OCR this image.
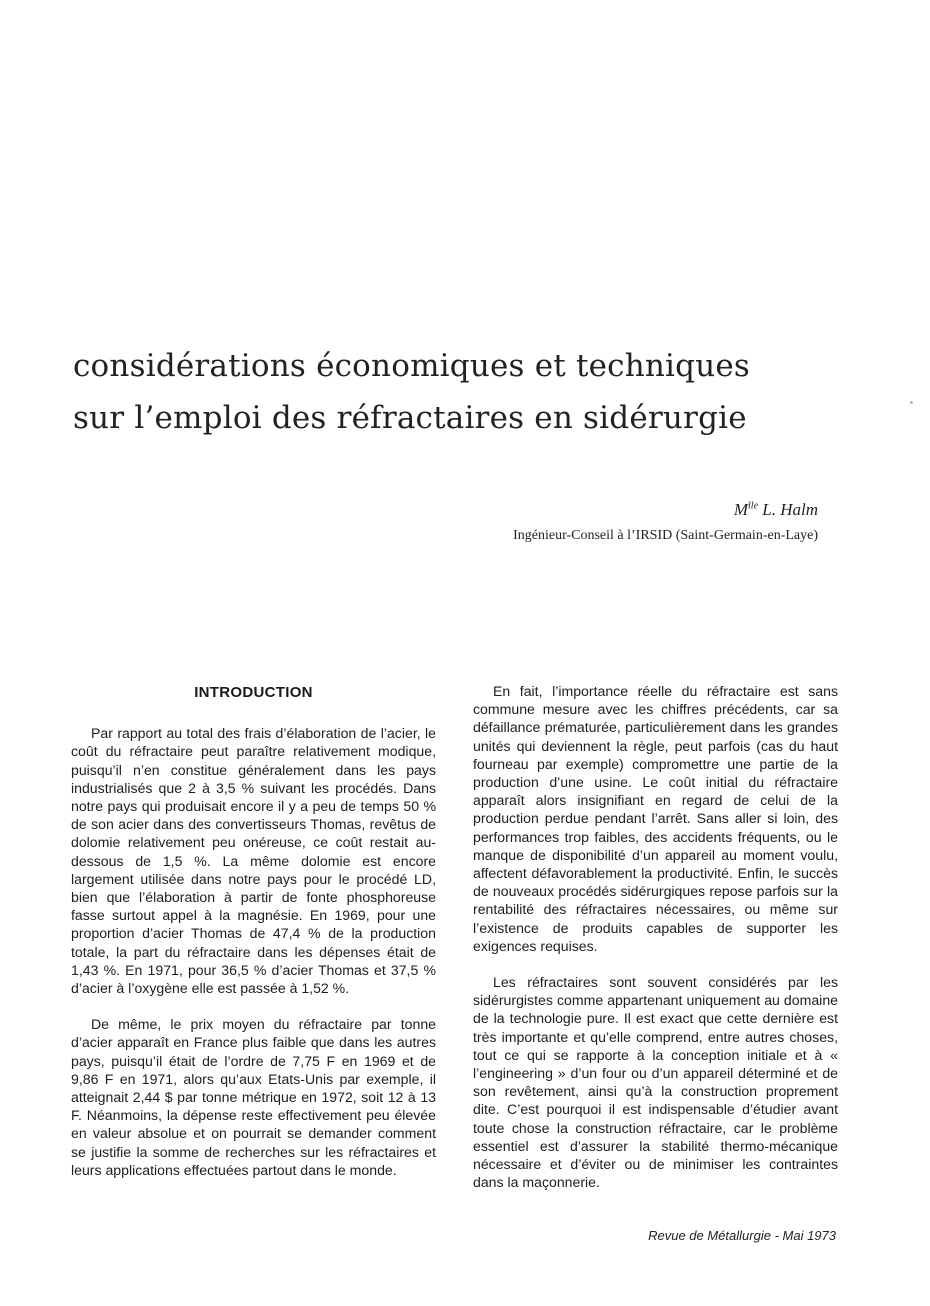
considérations économiques et techniques
sur l’emploi des réfractaires en sidérurgie
$M^{lle}$ L. Halm
Ingénieur-Conseil à l’IRSID (Saint-Germain-en-Laye)
INTRODUCTION

Par rapport au total des frais d’élaboration de l’acier, le coût du réfractaire peut paraître relativement modique, puisqu’il n’en constitue généralement dans les pays industrialisés que 2 à 3,5 % suivant les procédés. Dans notre pays qui produisait encore il y a peu de temps 50 % de son acier dans des convertisseurs Thomas, revêtus de dolomie relativement peu onéreuse, ce coût restait au-dessous de 1,5 %. La même dolomie est encore largement utilisée dans notre pays pour le procédé LD, bien que l’élaboration à partir de fonte phosphoreuse fasse surtout appel à la magnésie. En 1969, pour une proportion d’acier Thomas de 47,4 % de la production totale, la part du réfractaire dans les dépenses était de 1,43 %. En 1971, pour 36,5 % d’acier Thomas et 37,5 % d’acier à l’oxygène elle est passée à 1,52 %.

De même, le prix moyen du réfractaire par tonne d’acier apparaît en France plus faible que dans les autres pays, puisqu’il était de l’ordre de 7,75 F en 1969 et de 9,86 F en 1971, alors qu’aux Etats-Unis par exemple, il atteignait 2,44 $ par tonne métrique en 1972, soit 12 à 13 F. Néanmoins, la dépense reste effectivement peu élevée en valeur absolue et on pourrait se demander comment se justifie la somme de recherches sur les réfractaires et leurs applications effectuées partout dans le monde.

En fait, l’importance réelle du réfractaire est sans commune mesure avec les chiffres précédents, car sa défaillance prématurée, particulièrement dans les grandes unités qui deviennent la règle, peut parfois (cas du haut fourneau par exemple) compromettre une partie de la production d’une usine. Le coût initial du réfractaire apparaît alors insignifiant en regard de celui de la production perdue pendant l’arrêt. Sans aller si loin, des performances trop faibles, des accidents fréquents, ou le manque de disponibilité d’un appareil au moment voulu, affectent défavorablement la productivité. Enfin, le succès de nouveaux procédés sidérurgiques repose parfois sur la rentabilité des réfractaires nécessaires, ou même sur l’existence de produits capables de supporter les exigences requises.

Les réfractaires sont souvent considérés par les sidérurgistes comme appartenant uniquement au domaine de la technologie pure. Il est exact que cette dernière est très importante et qu’elle comprend, entre autres choses, tout ce qui se rapporte à la conception initiale et à « l’engineering » d’un four ou d’un appareil déterminé et de son revêtement, ainsi qu’à la construction proprement dite. C’est pourquoi il est indispensable d’étudier avant toute chose la construction réfractaire, car le problème essentiel est d’assurer la stabilité thermo-mécanique nécessaire et d’éviter ou de minimiser les contraintes dans la maçonnerie.

Revue de Métallurgie - Mai 1973
